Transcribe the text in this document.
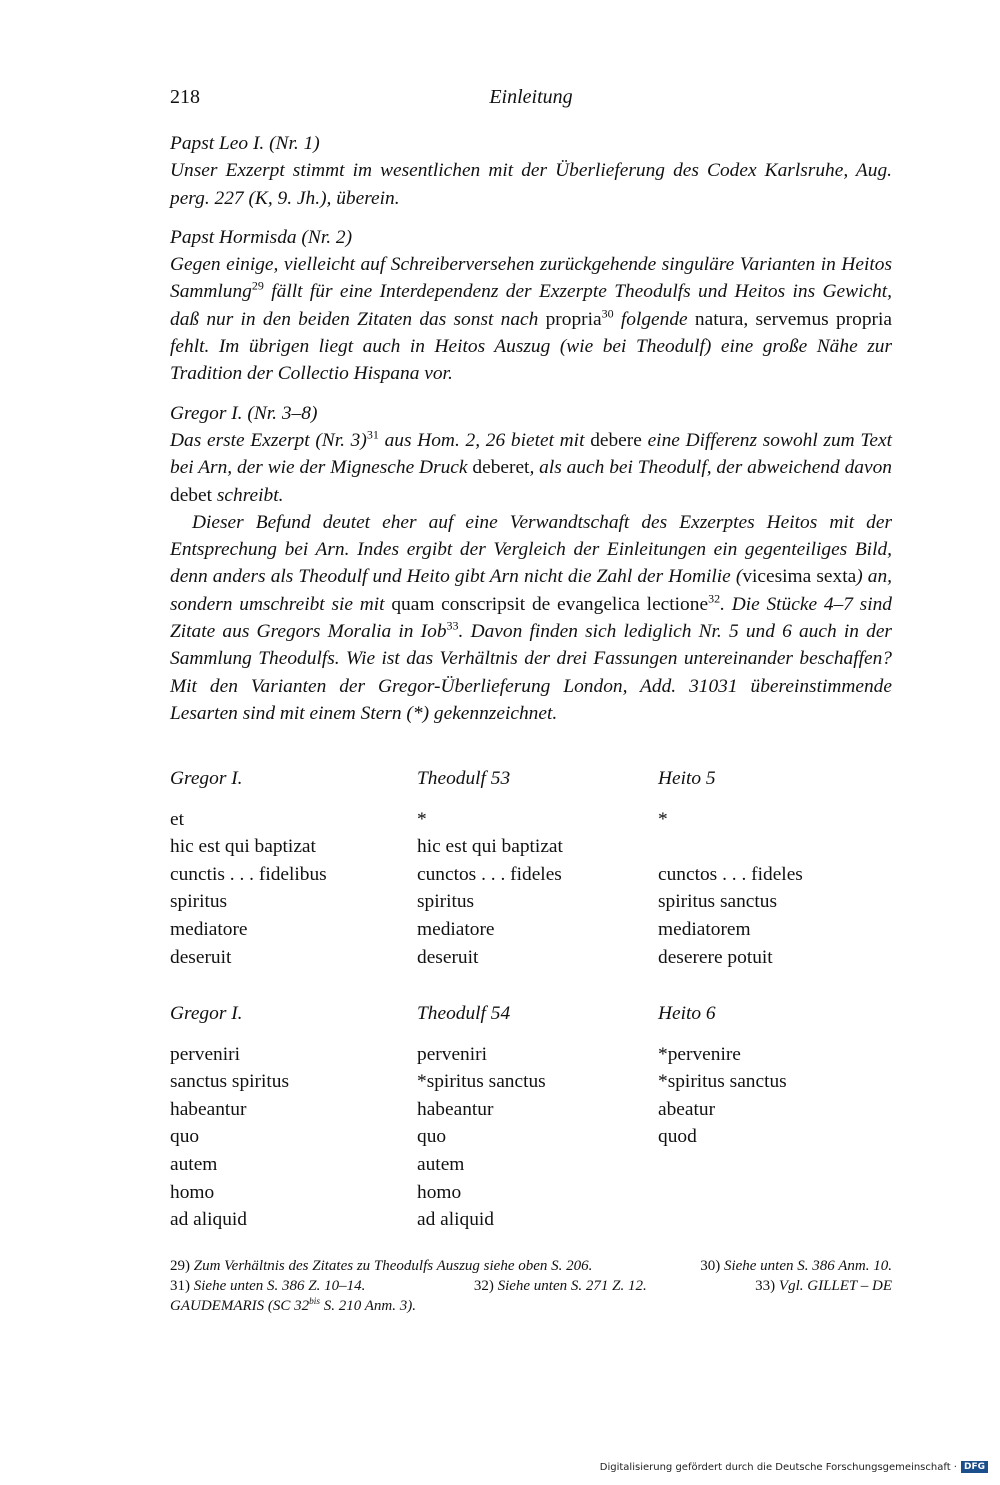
218	Einleitung

Papst Leo I. (Nr. 1)

Unser Exzerpt stimmt im wesentlichen mit der Überlieferung des Codex Karlsruhe, Aug. perg. 227 (K, 9. Jh.), überein.

Papst Hormisda (Nr. 2)

Gegen einige, vielleicht auf Schreiberversehen zurückgehende singuläre Varianten in Heitos Sammlung$^{29}$ fällt für eine Interdependenz der Exzerpte Theodulfs und Heitos ins Gewicht, daß nur in den beiden Zitaten das sonst nach propria$^{30}$ folgende natura, servemus propria fehlt. Im übrigen liegt auch in Heitos Auszug (wie bei Theodulf) eine große Nähe zur Tradition der Collectio Hispana vor.

Gregor I. (Nr. 3–8)

Das erste Exzerpt (Nr. 3)$^{31}$ aus Hom. 2, 26 bietet mit debere eine Differenz sowohl zum Text bei Arn, der wie der Mignesche Druck deberet, als auch bei Theodulf, der abweichend davon debet schreibt.

Dieser Befund deutet eher auf eine Verwandtschaft des Exzerptes Heitos mit der Entsprechung bei Arn. Indes ergibt der Vergleich der Einleitungen ein gegenteiliges Bild, denn anders als Theodulf und Heito gibt Arn nicht die Zahl der Homilie (vicesima sexta) an, sondern umschreibt sie mit quam conscripsit de evangelica lectione$^{32}$. Die Stücke 4–7 sind Zitate aus Gregors Moralia in Iob$^{33}$. Davon finden sich lediglich Nr. 5 und 6 auch in der Sammlung Theodulfs. Wie ist das Verhältnis der drei Fassungen untereinander beschaffen? Mit den Varianten der Gregor-Überlieferung London, Add. 31031 übereinstimmende Lesarten sind mit einem Stern (*) gekennzeichnet.

Gregor I.	Theodulf 53	Heito 5
et	*	*
hic est qui baptizat	hic est qui baptizat
cunctis . . . fidelibus	cunctos . . . fideles	cunctos . . . fideles
spiritus	spiritus	spiritus sanctus
mediatore	mediatore	mediatorem
deseruit	deseruit	deserere potuit
Gregor I.	Theodulf 54	Heito 6
perveniri	perveniri	*pervenire
sanctus spiritus	*spiritus sanctus	*spiritus sanctus
habeantur	habeantur	abeatur
quo	quo	quod
autem	autem
homo	homo
ad aliquid	ad aliquid
29) Zum Verhältnis des Zitates zu Theodulfs Auszug siehe oben S. 206.	30) Siehe unten S. 386 Anm. 10.
31) Siehe unten S. 386 Z. 10–14.	32) Siehe unten S. 271 Z. 12.	33) Vgl. GILLET – DE
GAUDEMARIS (SC $32^{bis}$ S. 210 Anm. 3).
Digitalisierung gefördert durch die Deutsche Forschungsgemeinschaft · DFG
